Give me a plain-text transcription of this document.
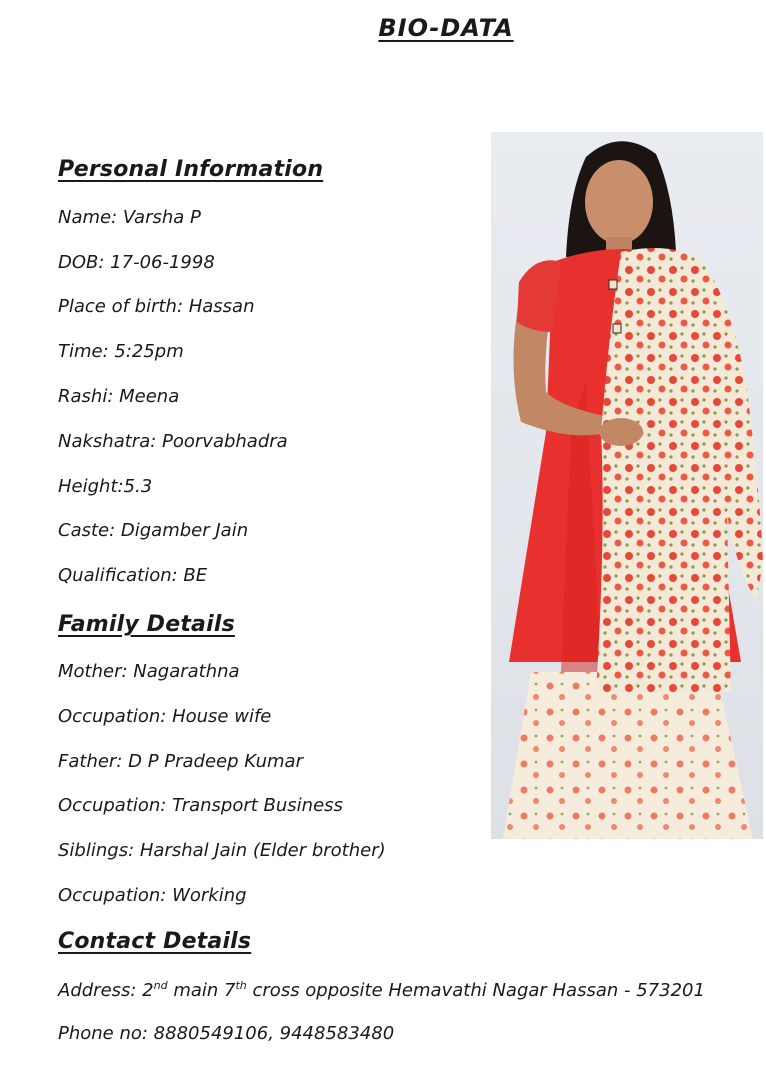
BIO-DATA
Personal Information
Name: Varsha P
DOB: 17-06-1998
Place of birth: Hassan
Time: 5:25pm
Rashi: Meena
Nakshatra: Poorvabhadra
Height:5.3
Caste: Digamber Jain
Qualification: BE
Family Details
Mother: Nagarathna
Occupation: House wife
Father: D P Pradeep Kumar
Occupation: Transport Business
Siblings: Harshal Jain (Elder brother)
Occupation: Working
Contact Details
Address: 2nd main 7th cross opposite Hemavathi Nagar Hassan - 573201
Phone no: 8880549106, 9448583480
